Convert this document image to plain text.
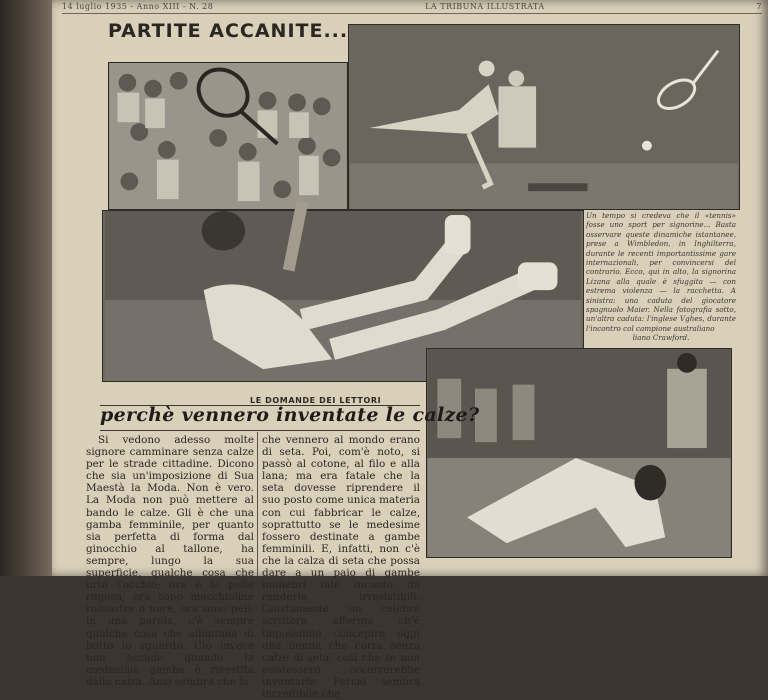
14 luglio 1935 - Anno XIII - N. 28	LA TRIBUNA ILLUSTRATA	7
PARTITE ACCANITE...
Un tempo si credeva che il «tennis» fosse uno sport per signorine... Basta osservare queste dinamiche istantanee, prese a Wimbledon, in Inghilterra, durante le recenti importantissime gare internazionali, per convincersi del contrario. Ecco, qui in alto, la signorina Lizana alla quale è sfuggita — con estrema violenza — la racchetta. A sinistra: una caduta del giocatore spagnuolo Maier. Nella fotografia sotto, un'altra caduta: l'inglese Vghes, durante l'incontro col campione australiano
liano Crawford.
LE DOMANDE DEI LETTORI
perchè vennero inventate le calze?

Si vedono adesso molte signore camminare senza calze per le strade cittadine. Dicono che sia un'imposizione di Sua Maestà la Moda. Non è vero. La Moda non può mettere al bando le calze. Gli è che una gamba femminile, per quanto sia perfetta di forma dal ginocchio al tallone, ha sempre, lungo la sua superficie, qualche cosa che urta l'occhio; ora è la pelle rugosa, ora sono macchioline rossastre o nere, ora sono peli; in una parola, c'è sempre qualche cosa che allontana di botto lo sguardo. Ciò invece non accade quando la medesima gamba è rivestita dalla calza. Anzi sembra che la

che vennero al mondo erano di seta. Poi, com'è noto, si passò al cotone, al filo e alla lana; ma era fatale che la seta dovesse riprendere il suo posto come unica materia con cui fabbricar le calze, soprattutto se le medesime fossero destinate a gambe femminili. E, infatti, non c'è che la calza di seta che possa dare a un paio di gambe muliebri tale incanto da renderle irresistibili. Giustamente un celebre scrittore afferma ch'è impossibile concepire oggi una donna che corra senza calze di seta, così che se non esistessero occorrerebbe inventarle. Perciò sembra incredibile che
